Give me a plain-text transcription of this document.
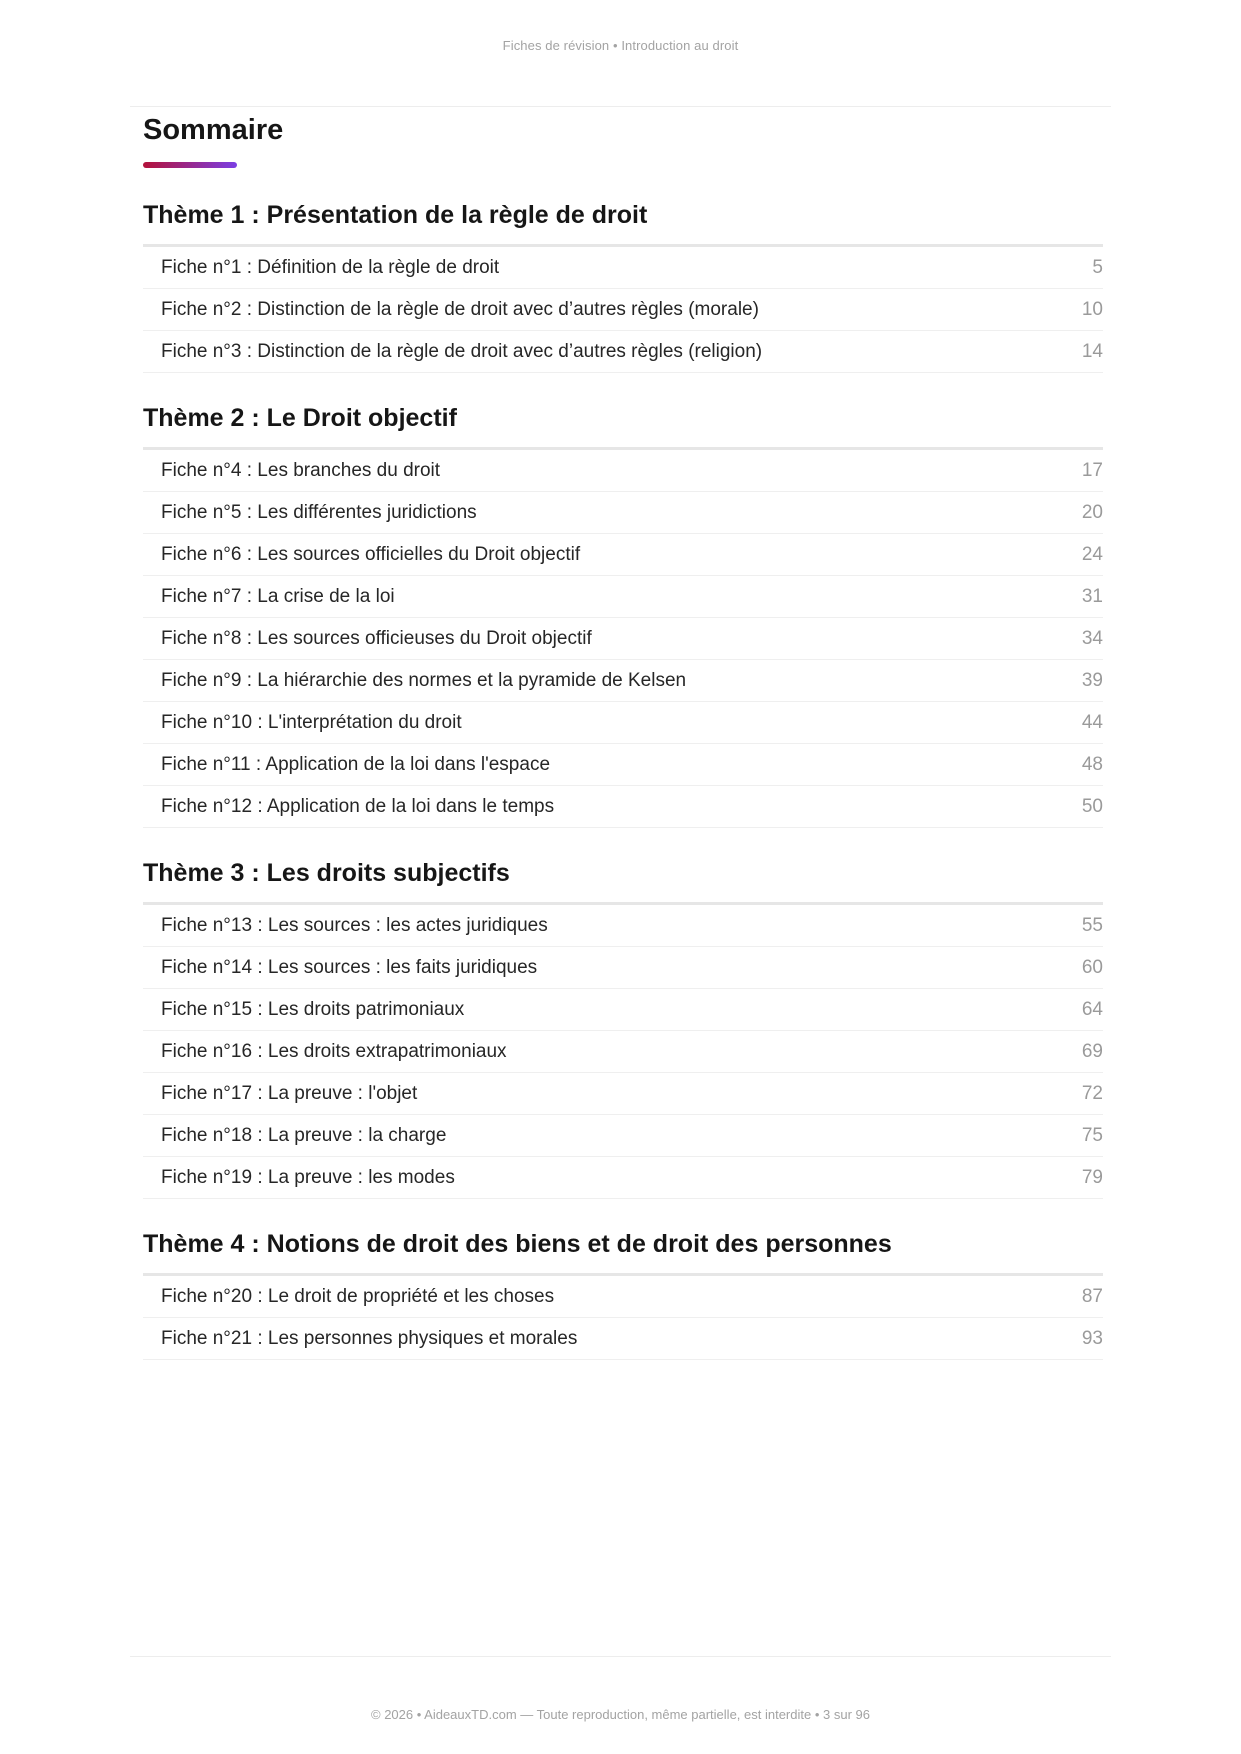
Fiches de révision • Introduction au droit
Sommaire
Thème 1 : Présentation de la règle de droit
Fiche n°1 : Définition de la règle de droit	5
Fiche n°2 : Distinction de la règle de droit avec d’autres règles (morale)	10
Fiche n°3 : Distinction de la règle de droit avec d’autres règles (religion)	14
Thème 2 : Le Droit objectif
Fiche n°4 : Les branches du droit	17
Fiche n°5 : Les différentes juridictions	20
Fiche n°6 : Les sources officielles du Droit objectif	24
Fiche n°7 : La crise de la loi	31
Fiche n°8 : Les sources officieuses du Droit objectif	34
Fiche n°9 : La hiérarchie des normes et la pyramide de Kelsen	39
Fiche n°10 : L'interprétation du droit	44
Fiche n°11 : Application de la loi dans l'espace	48
Fiche n°12 : Application de la loi dans le temps	50
Thème 3 : Les droits subjectifs
Fiche n°13 : Les sources : les actes juridiques	55
Fiche n°14 : Les sources : les faits juridiques	60
Fiche n°15 : Les droits patrimoniaux	64
Fiche n°16 : Les droits extrapatrimoniaux	69
Fiche n°17 : La preuve : l'objet	72
Fiche n°18 : La preuve : la charge	75
Fiche n°19 : La preuve : les modes	79
Thème 4 : Notions de droit des biens et de droit des personnes
Fiche n°20 : Le droit de propriété et les choses	87
Fiche n°21 : Les personnes physiques et morales	93
© 2026 • AideauxTD.com — Toute reproduction, même partielle, est interdite • 3 sur 96
